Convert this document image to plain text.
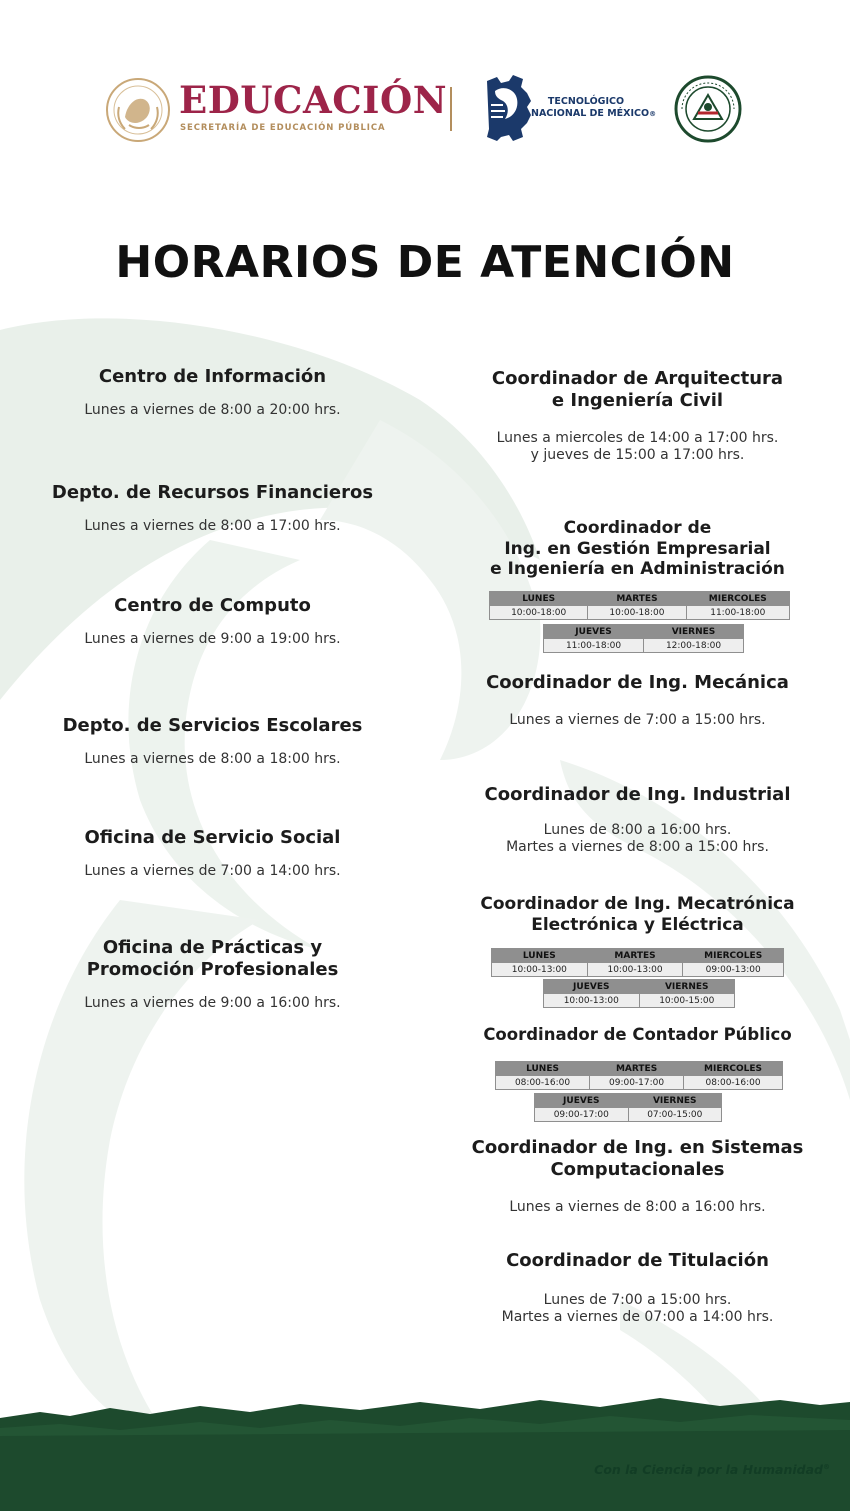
EDUCACIÓN
SECRETARÍA DE EDUCACIÓN PÚBLICA
TECNOLÓGICO
NACIONAL DE MÉXICO®
HORARIOS DE ATENCIÓN
Centro de Información
Lunes a viernes de 8:00 a 20:00 hrs.
Depto. de Recursos Financieros
Lunes a viernes de 8:00 a 17:00 hrs.
Centro de Computo
Lunes a viernes de 9:00 a 19:00 hrs.
Depto. de Servicios Escolares
Lunes a viernes de 8:00 a 18:00 hrs.
Oficina de Servicio Social
Lunes a viernes de 7:00 a 14:00 hrs.
Oficina de Prácticas y
Promoción Profesionales
Lunes a viernes de 9:00 a 16:00 hrs.
Coordinador de Arquitectura
e Ingeniería Civil
Lunes a miercoles de 14:00 a 17:00 hrs.
y jueves de 15:00 a 17:00 hrs.
Coordinador de
Ing. en Gestión Empresarial
e Ingeniería en Administración
LUNES	MARTES	MIERCOLES
10:00-18:00	10:00-18:00	11:00-18:00
JUEVES	VIERNES
11:00-18:00	12:00-18:00
Coordinador de Ing. Mecánica
Lunes a viernes de 7:00 a 15:00 hrs.
Coordinador de Ing. Industrial
Lunes de 8:00 a 16:00 hrs.
Martes a viernes de 8:00 a 15:00 hrs.
Coordinador de Ing. Mecatrónica
Electrónica y Eléctrica
LUNES	MARTES	MIERCOLES
10:00-13:00	10:00-13:00	09:00-13:00
JUEVES	VIERNES
10:00-13:00	10:00-15:00
Coordinador de Contador Público
LUNES	MARTES	MIERCOLES
08:00-16:00	09:00-17:00	08:00-16:00
JUEVES	VIERNES
09:00-17:00	07:00-15:00
Coordinador de Ing. en Sistemas
Computacionales
Lunes a viernes de 8:00 a 16:00 hrs.
Coordinador de Titulación
Lunes de 7:00 a 15:00 hrs.
Martes a viernes de 07:00 a 14:00 hrs.
Con la Ciencia por la Humanidad®
